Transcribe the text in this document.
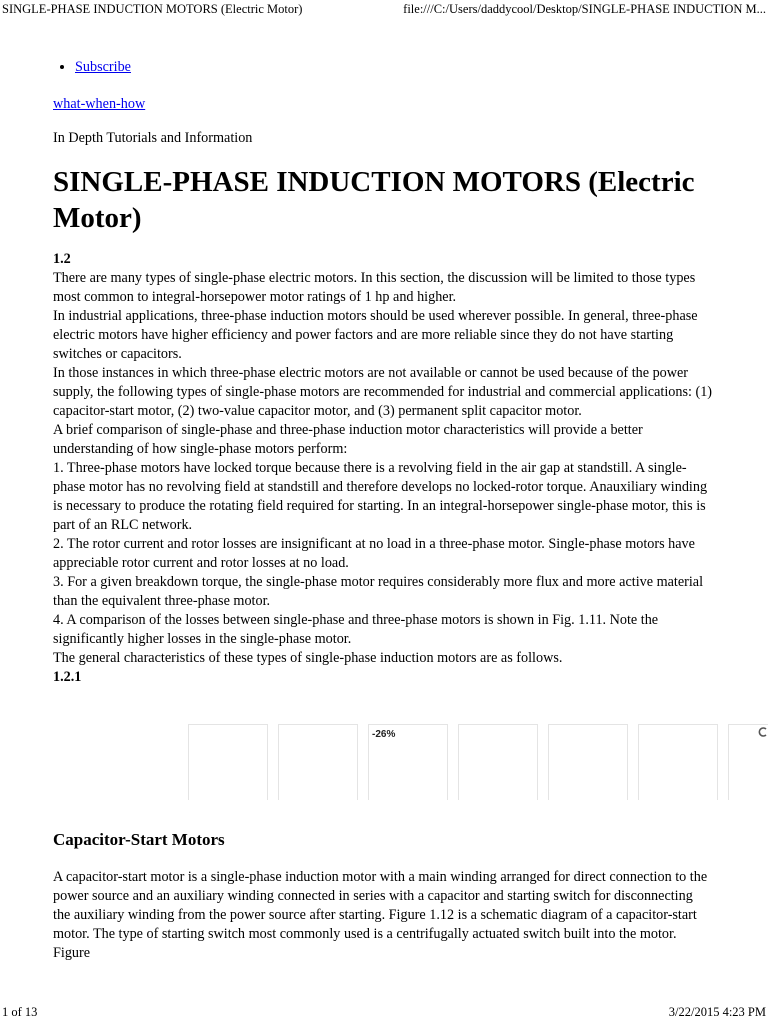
SINGLE-PHASE INDUCTION MOTORS (Electric Motor)	file:///C:/Users/daddycool/Desktop/SINGLE-PHASE INDUCTION M...
• Subscribe
what-when-how
In Depth Tutorials and Information
SINGLE-PHASE INDUCTION MOTORS (Electric Motor)
1.2

There are many types of single-phase electric motors. In this section, the discussion will be limited to those types most common to integral-horsepower motor ratings of 1 hp and higher.

In industrial applications, three-phase induction motors should be used wherever possible. In general, three-phase electric motors have higher efficiency and power factors and are more reliable since they do not have starting switches or capacitors.

In those instances in which three-phase electric motors are not available or cannot be used because of the power supply, the following types of single-phase motors are recommended for industrial and commercial applications: (1) capacitor-start motor, (2) two-value capacitor motor, and (3) permanent split capacitor motor.

A brief comparison of single-phase and three-phase induction motor characteristics will provide a better understanding of how single-phase motors perform:

1. Three-phase motors have locked torque because there is a revolving field in the air gap at standstill. A single-phase motor has no revolving field at standstill and therefore develops no locked-rotor torque. Anauxiliary winding is necessary to produce the rotating field required for starting. In an integral-horsepower single-phase motor, this is part of an RLC network.

2. The rotor current and rotor losses are insignificant at no load in a three-phase motor. Single-phase motors have appreciable rotor current and rotor losses at no load.

3. For a given breakdown torque, the single-phase motor requires considerably more flux and more active material than the equivalent three-phase motor.

4. A comparison of the losses between single-phase and three-phase motors is shown in Fig. 1.11. Note the significantly higher losses in the single-phase motor.

The general characteristics of these types of single-phase induction motors are as follows.

1.2.1
-26%
Capacitor-Start Motors

A capacitor-start motor is a single-phase induction motor with a main winding arranged for direct connection to the power source and an auxiliary winding connected in series with a capacitor and starting switch for disconnecting the auxiliary winding from the power source after starting. Figure 1.12 is a schematic diagram of a capacitor-start motor. The type of starting switch most commonly used is a centrifugally actuated switch built into the motor. Figure

1 of 13	3/22/2015 4:23 PM
